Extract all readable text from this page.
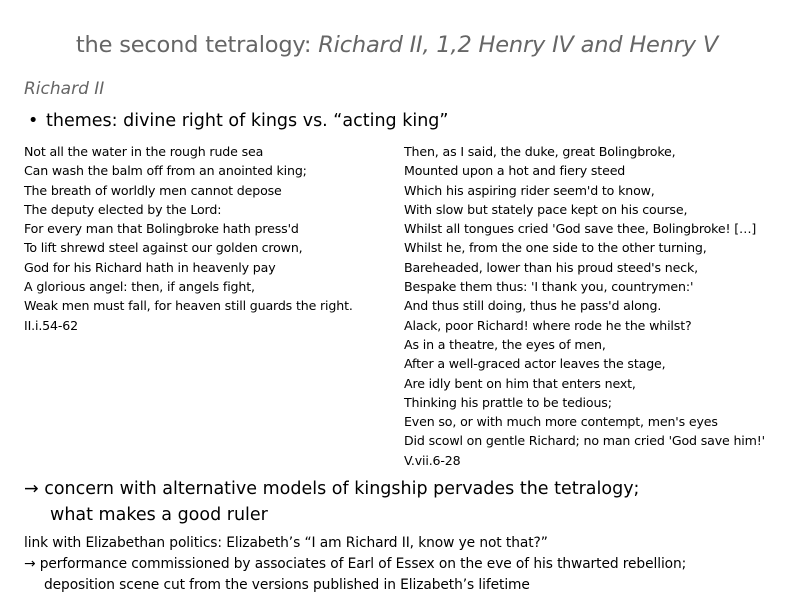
the second tetralogy: Richard II, 1,2 Henry IV and Henry V
Richard II
• themes: divine right of kings vs. “acting king”
Not all the water in the rough rude sea
Can wash the balm off from an anointed king;
The breath of worldly men cannot depose
The deputy elected by the Lord:
For every man that Bolingbroke hath press'd
To lift shrewd steel against our golden crown,
God for his Richard hath in heavenly pay
A glorious angel: then, if angels fight,
Weak men must fall, for heaven still guards the right.
II.i.54-62
Then, as I said, the duke, great Bolingbroke,
Mounted upon a hot and fiery steed
Which his aspiring rider seem'd to know,
With slow but stately pace kept on his course,
Whilst all tongues cried 'God save thee, Bolingbroke! […]
Whilst he, from the one side to the other turning,
Bareheaded, lower than his proud steed's neck,
Bespake them thus: 'I thank you, countrymen:'
And thus still doing, thus he pass'd along.
Alack, poor Richard! where rode he the whilst?
As in a theatre, the eyes of men,
After a well-graced actor leaves the stage,
Are idly bent on him that enters next,
Thinking his prattle to be tedious;
Even so, or with much more contempt, men's eyes
Did scowl on gentle Richard; no man cried 'God save him!'
V.vii.6-28
→ concern with alternative models of kingship pervades the tetralogy;
what makes a good ruler
link with Elizabethan politics: Elizabeth’s “I am Richard II, know ye not that?”
→ performance commissioned by associates of Earl of Essex on the eve of his thwarted rebellion;
deposition scene cut from the versions published in Elizabeth’s lifetime
